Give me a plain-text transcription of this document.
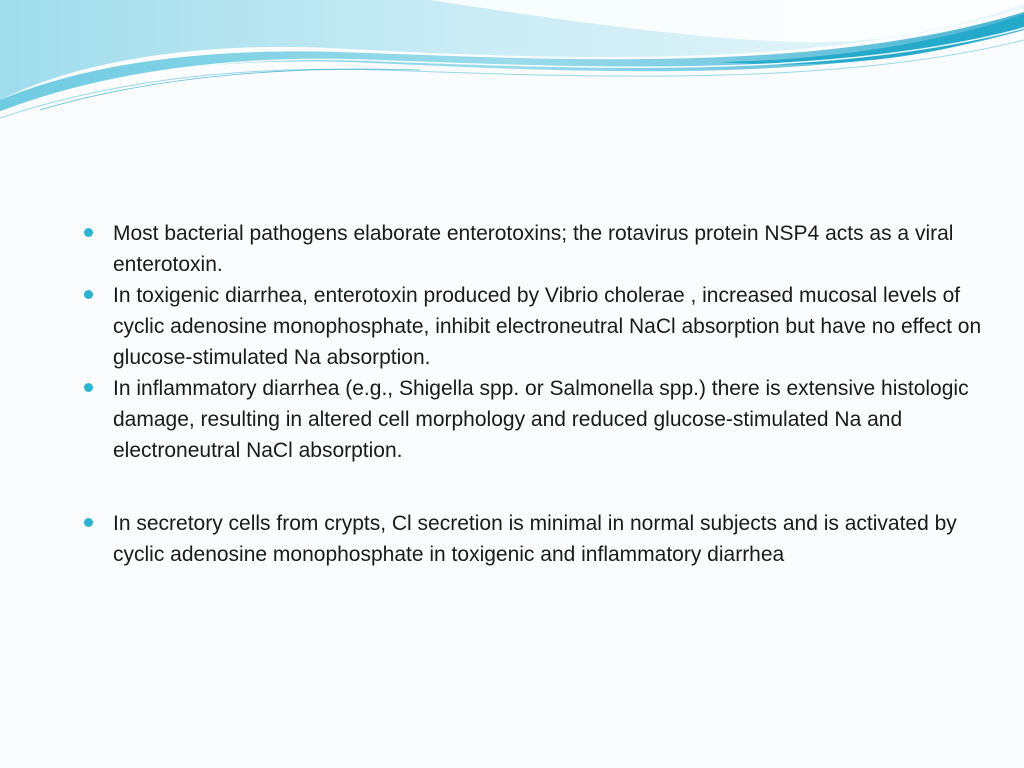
Most bacterial pathogens elaborate enterotoxins; the rotavirus protein NSP4 acts as a viral enterotoxin.
In toxigenic diarrhea, enterotoxin produced by Vibrio cholerae , increased mucosal levels of cyclic adenosine monophosphate, inhibit electroneutral NaCl absorption but have no effect on glucose-stimulated Na absorption.
In inflammatory diarrhea (e.g., Shigella spp. or Salmonella spp.) there is extensive histologic damage, resulting in altered cell morphology and reduced glucose-stimulated Na and electroneutral NaCl absorption.
In secretory cells from crypts, Cl secretion is minimal in normal subjects and is activated by cyclic adenosine monophosphate in toxigenic and inflammatory diarrhea
